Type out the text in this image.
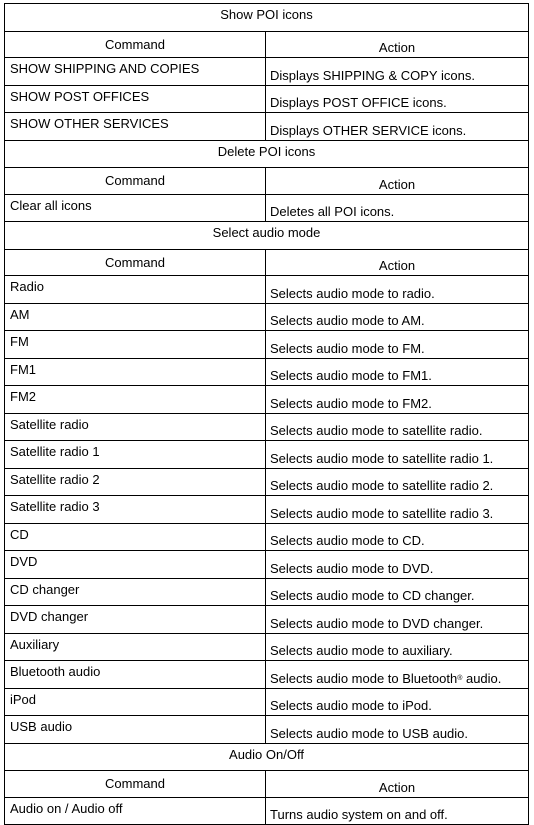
Show POI icons	
Command	Action
SHOW SHIPPING AND COPIES	Displays SHIPPING & COPY icons.
SHOW POST OFFICES	Displays POST OFFICE icons.
SHOW OTHER SERVICES	Displays OTHER SERVICE icons.
Delete POI icons	
Command	Action
Clear all icons	Deletes all POI icons.
Select audio mode	
Command	Action
Radio	Selects audio mode to radio.
AM	Selects audio mode to AM.
FM	Selects audio mode to FM.
FM1	Selects audio mode to FM1.
FM2	Selects audio mode to FM2.
Satellite radio	Selects audio mode to satellite radio.
Satellite radio 1	Selects audio mode to satellite radio 1.
Satellite radio 2	Selects audio mode to satellite radio 2.
Satellite radio 3	Selects audio mode to satellite radio 3.
CD	Selects audio mode to CD.
DVD	Selects audio mode to DVD.
CD changer	Selects audio mode to CD changer.
DVD changer	Selects audio mode to DVD changer.
Auxiliary	Selects audio mode to auxiliary.
Bluetooth audio	Selects audio mode to Bluetooth® audio.
iPod	Selects audio mode to iPod.
USB audio	Selects audio mode to USB audio.
Audio On/Off	
Command	Action
Audio on / Audio off	Turns audio system on and off.
